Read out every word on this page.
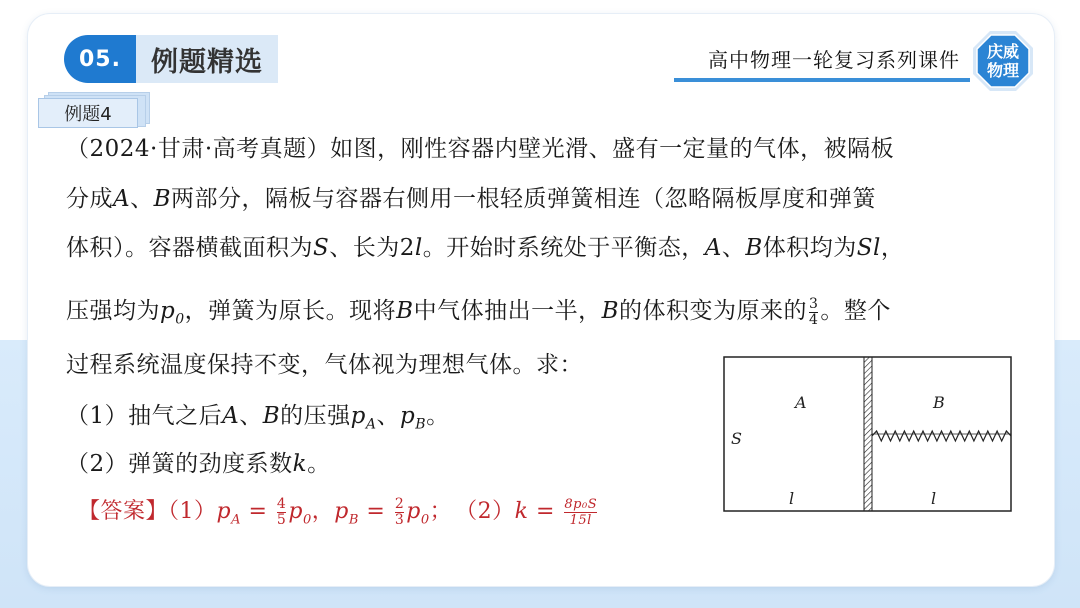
05.	例题精选	高中物理一轮复习系列课件 庆威
物理
例题4
（2024·甘肃·高考真题）如图，刚性容器内壁光滑、盛有一定量的气体，被隔板
分成A、B两部分，隔板与容器右侧用一根轻质弹簧相连（忽略隔板厚度和弹簧
体积）。容器横截面积为S、长为2l。开始时系统处于平衡态，A、B体积均为Sl，
压强均为$p_0$，弹簧为原长。现将B中气体抽出一半，B的体积变为原来的 $\frac{3}{4}$ 。整个
过程系统温度保持不变，气体视为理想气体。求：
（1）抽气之后A、B的压强$p_A$、$p_B$。
（2）弹簧的劲度系数k。
【答案】$(1)p_A = \frac{4}{5} p_0$，$p_B = \frac{2}{3} p_0$； $(2)k = \frac{\text{8p₀S}}{15l}$
A	B
S
l	l
